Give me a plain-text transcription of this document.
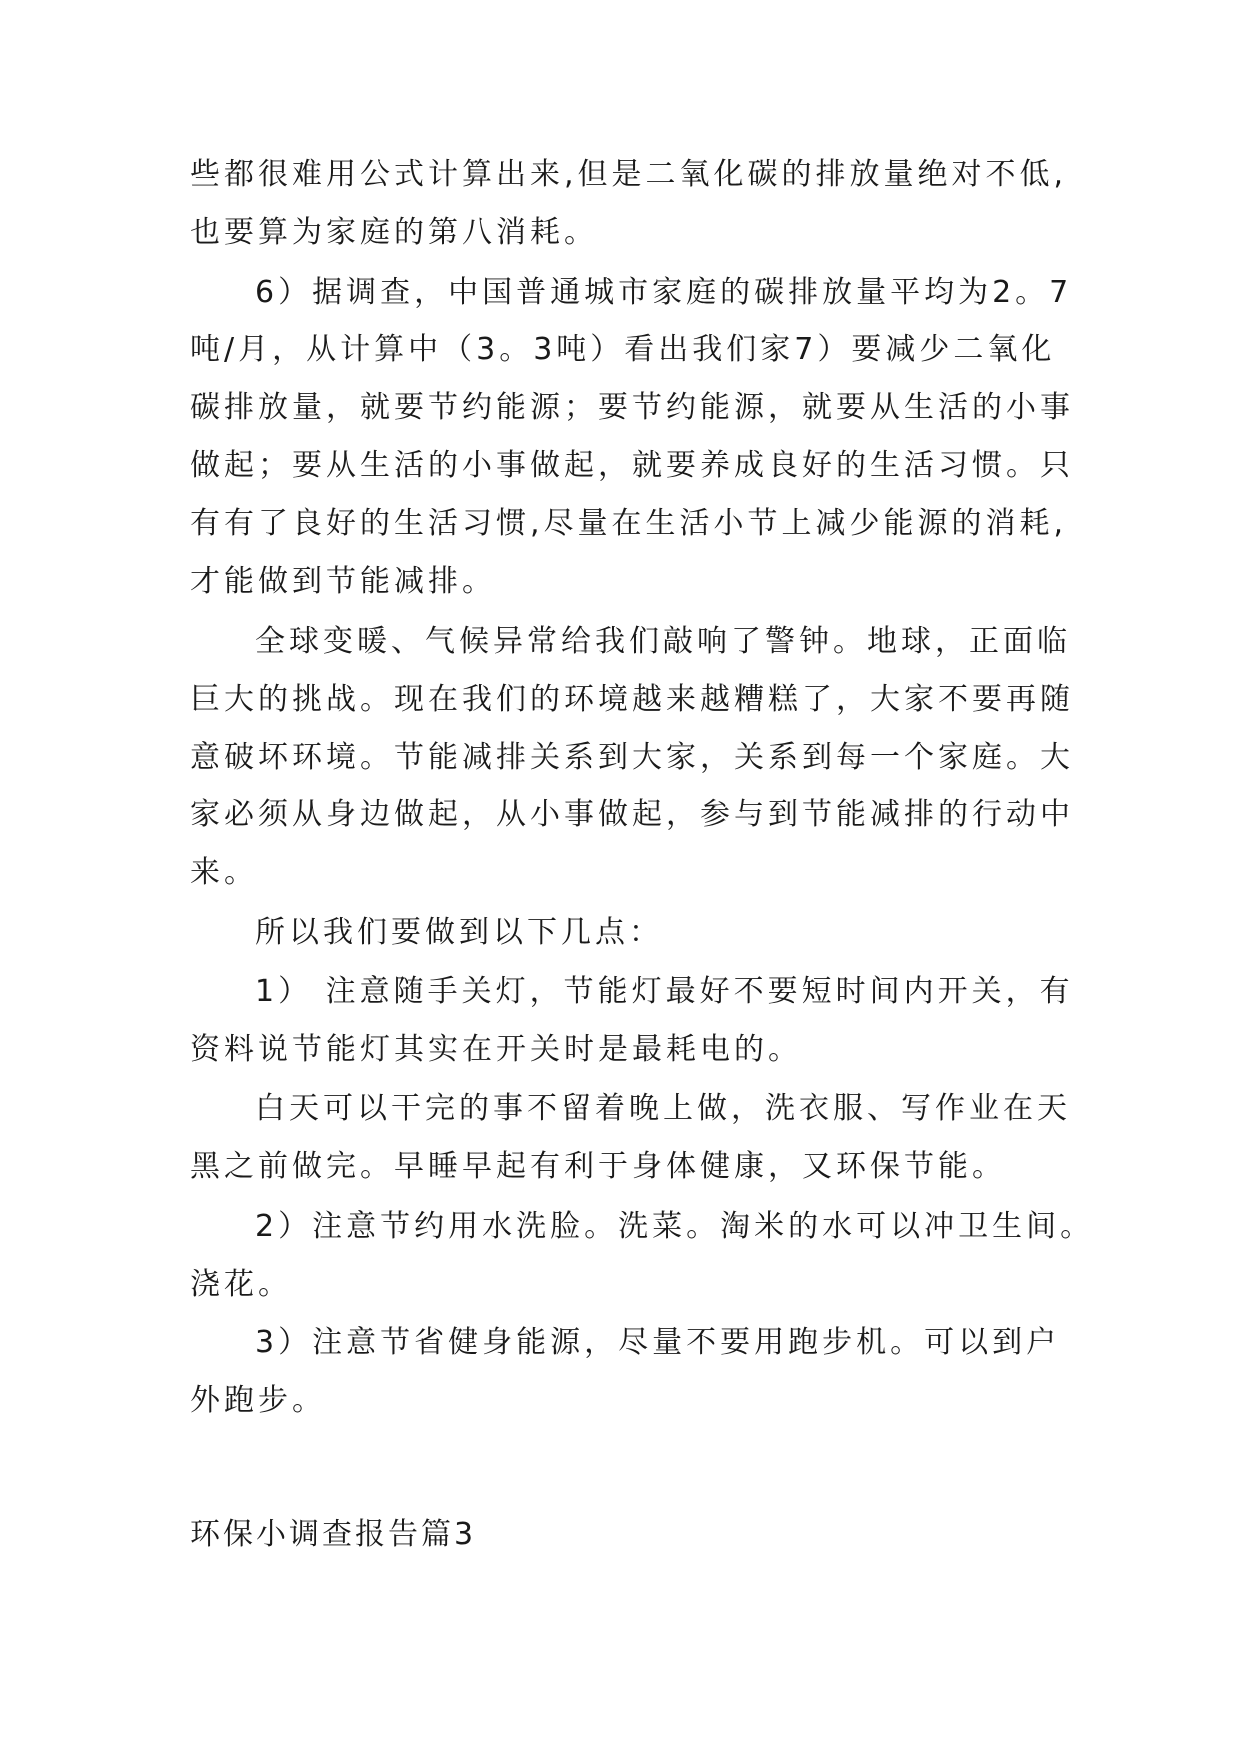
些都很难用公式计算出来,但是二氧化碳的排放量绝对不低,

也要算为家庭的第八消耗。

6）据调查，中国普通城市家庭的碳排放量平均为2。7

吨/月，从计算中（3。3吨）看出我们家7）要减少二氧化

碳排放量，就要节约能源；要节约能源，就要从生活的小事

做起；要从生活的小事做起，就要养成良好的生活习惯。只

有有了良好的生活习惯,尽量在生活小节上减少能源的消耗,

才能做到节能减排。

全球变暖、气候异常给我们敲响了警钟。地球，正面临

巨大的挑战。现在我们的环境越来越糟糕了，大家不要再随

意破坏环境。节能减排关系到大家，关系到每一个家庭。大

家必须从身边做起，从小事做起，参与到节能减排的行动中

来。

所以我们要做到以下几点：

1） 注意随手关灯，节能灯最好不要短时间内开关，有

资料说节能灯其实在开关时是最耗电的。

白天可以干完的事不留着晚上做，洗衣服、写作业在天

黑之前做完。早睡早起有利于身体健康，又环保节能。

2）注意节约用水洗脸。洗菜。淘米的水可以冲卫生间。

浇花。

3）注意节省健身能源，尽量不要用跑步机。可以到户

外跑步。

环保小调查报告篇3
